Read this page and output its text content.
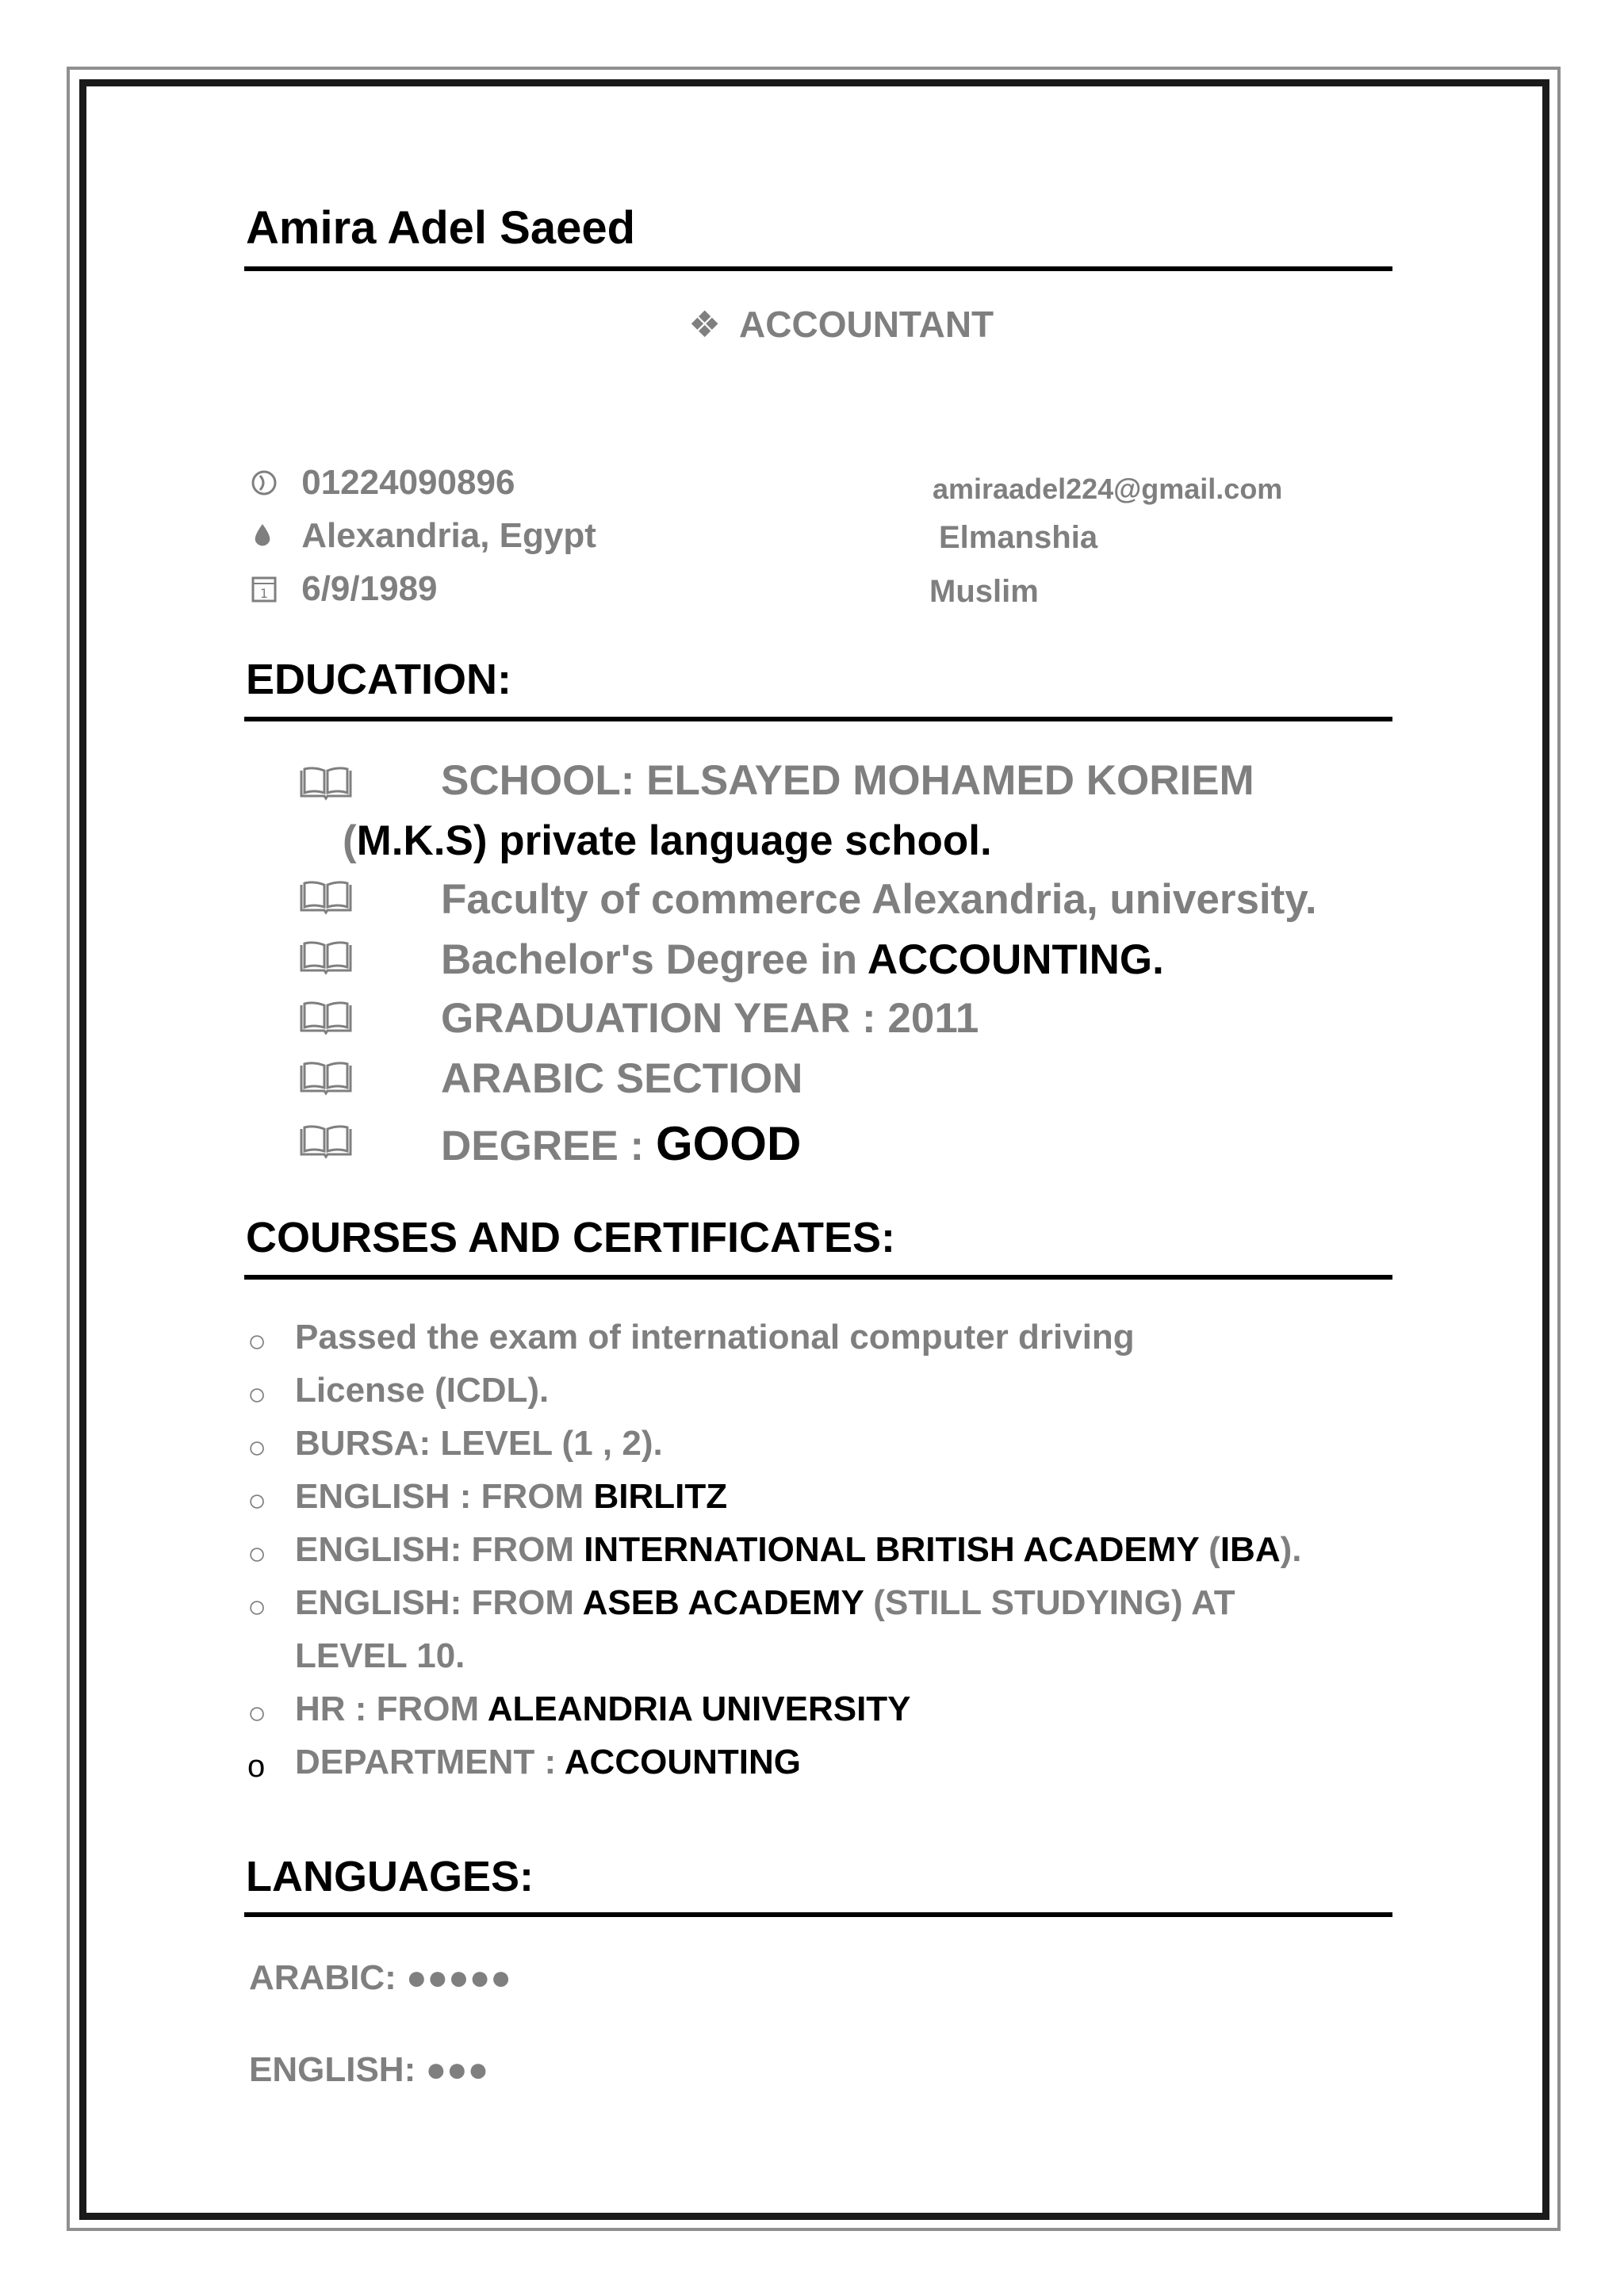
Amira Adel Saeed
❖ ACCOUNTANT
01224090896
Alexandria, Egypt
1 6/9/1989
amiraadel224@gmail.com
Elmanshia
Muslim
EDUCATION:
SCHOOL: ELSAYED MOHAMED KORIEM
(M.K.S) private language school.
Faculty of commerce Alexandria, university.
Bachelor's Degree in ACCOUNTING.
GRADUATION YEAR : 2011
ARABIC SECTION
DEGREE : GOOD
COURSES AND CERTIFICATES:
○ Passed the exam of international computer driving
○ License (ICDL).
○ BURSA: LEVEL (1 , 2).
○ ENGLISH : FROM BIRLITZ
○ ENGLISH: FROM INTERNATIONAL BRITISH ACADEMY (IBA).
○ ENGLISH: FROM ASEB ACADEMY (STILL STUDYING) AT
LEVEL 10.
○ HR : FROM ALEANDRIA UNIVERSITY
o DEPARTMENT : ACCOUNTING
LANGUAGES:
ARABIC: ●●●●●
ENGLISH: ●●●
